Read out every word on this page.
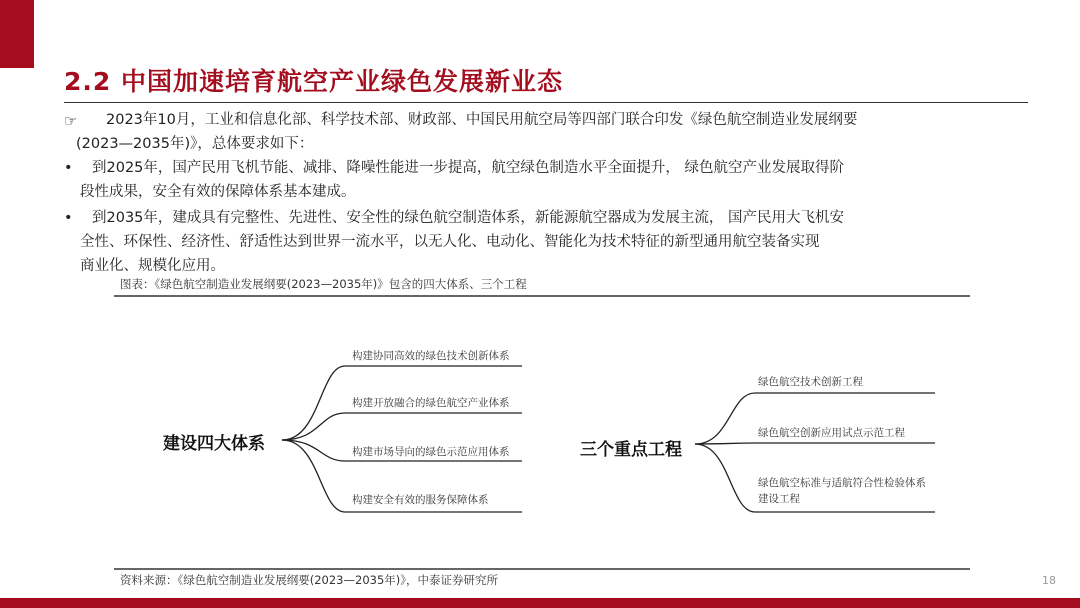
2.2 中国加速培育航空产业绿色发展新业态
☞ 2023年10月，工业和信息化部、科学技术部、财政部、中国民用航空局等四部门联合印发《绿色航空制造业发展纲要
(2023—2035年)》，总体要求如下：
• 到2025年，国产民用飞机节能、减排、降噪性能进一步提高，航空绿色制造水平全面提升， 绿色航空产业发展取得阶
段性成果，安全有效的保障体系基本建成。
• 到2035年，建成具有完整性、先进性、安全性的绿色航空制造体系，新能源航空器成为发展主流， 国产民用大飞机安
全性、环保性、经济性、舒适性达到世界一流水平，以无人化、电动化、智能化为技术特征的新型通用航空装备实现
商业化、规模化应用。
图表：《绿色航空制造业发展纲要(2023—2035年)》包含的四大体系、三个工程
建设四大体系
构建协同高效的绿色技术创新体系
构建开放融合的绿色航空产业体系
构建市场导向的绿色示范应用体系
构建安全有效的服务保障体系
三个重点工程
绿色航空技术创新工程
绿色航空创新应用试点示范工程
绿色航空标准与适航符合性检验体系
建设工程
资料来源：《绿色航空制造业发展纲要(2023—2035年)》，中泰证券研究所	18
